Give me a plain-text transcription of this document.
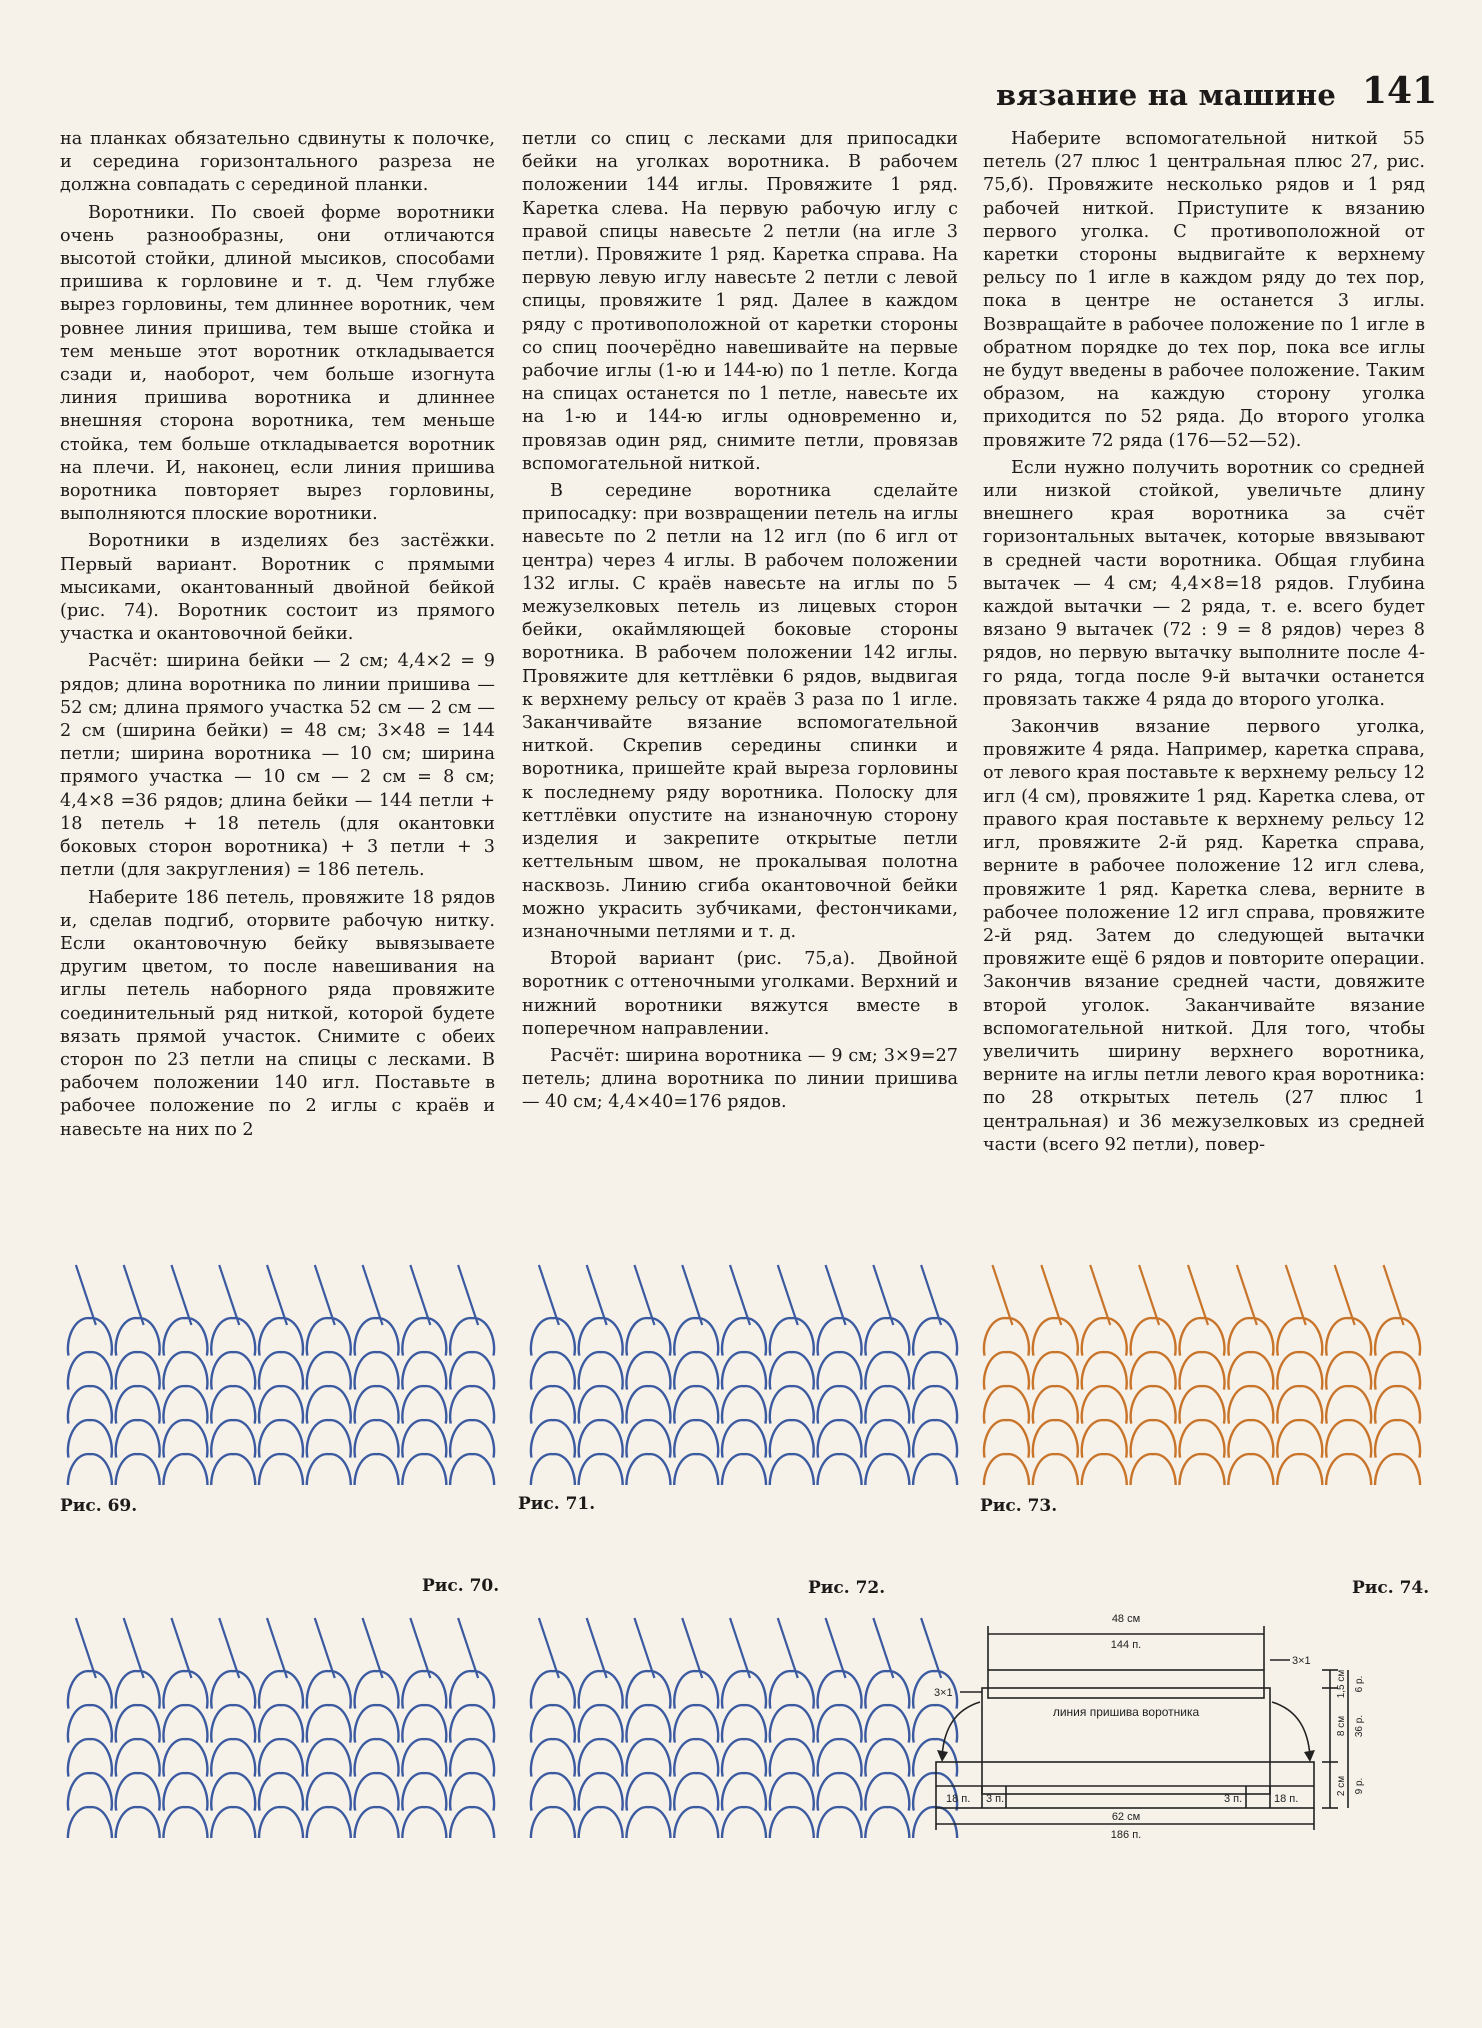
вязание на машине 141

на планках обязательно сдвинуты к полочке, и середина горизонтального разреза не должна совпадать с серединой планки.

Воротники. По своей форме воротники очень разнообразны, они отличаются высотой стойки, длиной мысиков, способами пришива к горловине и т. д. Чем глубже вырез горловины, тем длиннее воротник, чем ровнее линия пришива, тем выше стойка и тем меньше этот воротник откладывается сзади и, наоборот, чем больше изогнута линия пришива воротника и длиннее внешняя сторона воротника, тем меньше стойка, тем больше откладывается воротник на плечи. И, наконец, если линия пришива воротника повторяет вырез горловины, выполняются плоские воротники.

Воротники в изделиях без застёжки. Первый вариант. Воротник с прямыми мысиками, окантованный двойной бейкой (рис. 74). Воротник состоит из прямого участка и окантовочной бейки.

Расчёт: ширина бейки — 2 см; 4,4×2 = 9 рядов; длина воротника по линии пришива — 52 см; длина прямого участка 52 см — 2 см — 2 см (ширина бейки) = 48 см; 3×48 = 144 петли; ширина воротника — 10 см; ширина прямого участка — 10 см — 2 см = 8 см; 4,4×8 =36 рядов; длина бейки — 144 петли + 18 петель + 18 петель (для окантовки боковых сторон воротника) + 3 петли + 3 петли (для закругления) = 186 петель.

Наберите 186 петель, провяжите 18 рядов и, сделав подгиб, оторвите рабочую нитку. Если окантовочную бейку вывязываете другим цветом, то после навешивания на иглы петель наборного ряда провяжите соединительный ряд ниткой, которой будете вязать прямой участок. Снимите с обеих сторон по 23 петли на спицы с лесками. В рабочем положении 140 игл. Поставьте в рабочее положение по 2 иглы с краёв и навесьте на них по 2

петли со спиц с лесками для припосадки бейки на уголках воротника. В рабочем положении 144 иглы. Провяжите 1 ряд. Каретка слева. На первую рабочую иглу с правой спицы навесьте 2 петли (на игле 3 петли). Провяжите 1 ряд. Каретка справа. На первую левую иглу навесьте 2 петли с левой спицы, провяжите 1 ряд. Далее в каждом ряду с противоположной от каретки стороны со спиц поочерёдно навешивайте на первые рабочие иглы (1-ю и 144-ю) по 1 петле. Когда на спицах останется по 1 петле, навесьте их на 1-ю и 144-ю иглы одновременно и, провязав один ряд, снимите петли, провязав вспомогательной ниткой.

В середине воротника сделайте припосадку: при возвращении петель на иглы навесьте по 2 петли на 12 игл (по 6 игл от центра) через 4 иглы. В рабочем положении 132 иглы. С краёв навесьте на иглы по 5 межузелковых петель из лицевых сторон бейки, окаймляющей боковые стороны воротника. В рабочем положении 142 иглы. Провяжите для кеттлёвки 6 рядов, выдвигая к верхнему рельсу от краёв 3 раза по 1 игле. Заканчивайте вязание вспомогательной ниткой. Скрепив середины спинки и воротника, пришейте край выреза горловины к последнему ряду воротника. Полоску для кеттлёвки опустите на изнаночную сторону изделия и закрепите открытые петли кеттельным швом, не прокалывая полотна насквозь. Линию сгиба окантовочной бейки можно украсить зубчиками, фестончиками, изнаночными петлями и т. д.

Второй вариант (рис. 75,а). Двойной воротник с оттеночными уголками. Верхний и нижний воротники вяжутся вместе в поперечном направлении.

Расчёт: ширина воротника — 9 см; 3×9=27 петель; длина воротника по линии пришива — 40 см; 4,4×40=176 рядов.

Наберите вспомогательной ниткой 55 петель (27 плюс 1 центральная плюс 27, рис. 75,б). Провяжите несколько рядов и 1 ряд рабочей ниткой. Приступите к вязанию первого уголка. С противоположной от каретки стороны выдвигайте к верхнему рельсу по 1 игле в каждом ряду до тех пор, пока в центре не останется 3 иглы. Возвращайте в рабочее положение по 1 игле в обратном порядке до тех пор, пока все иглы не будут введены в рабочее положение. Таким образом, на каждую сторону уголка приходится по 52 ряда. До второго уголка провяжите 72 ряда (176—52—52).

Если нужно получить воротник со средней или низкой стойкой, увеличьте длину внешнего края воротника за счёт горизонтальных вытачек, которые ввязывают в средней части воротника. Общая глубина вытачек — 4 см; 4,4×8=18 рядов. Глубина каждой вытачки — 2 ряда, т. е. всего будет вязано 9 вытачек (72 : 9 = 8 рядов) через 8 рядов, но первую вытачку выполните после 4-го ряда, тогда после 9-й вытачки останется провязать также 4 ряда до второго уголка.

Закончив вязание первого уголка, провяжите 4 ряда. Например, каретка справа, от левого края поставьте к верхнему рельсу 12 игл (4 см), провяжите 1 ряд. Каретка слева, от правого края поставьте к верхнему рельсу 12 игл, провяжите 2-й ряд. Каретка справа, верните в рабочее положение 12 игл слева, провяжите 1 ряд. Каретка слева, верните в рабочее положение 12 игл справа, провяжите 2-й ряд. Затем до следующей вытачки провяжите ещё 6 рядов и повторите операции. Закончив вязание средней части, довяжите второй уголок. Заканчивайте вязание вспомогательной ниткой. Для того, чтобы увеличить ширину верхнего воротника, верните на иглы петли левого края воротника: по 28 открытых петель (27 плюс 1 центральная) и 36 межузелковых из средней части (всего 92 петли), повер-

Рис. 69.	Рис. 71.	Рис. 73.
Рис. 70.	Рис. 72.	Рис. 74.
48 см
144 п.
линия пришива воротника
3×1
3×1
18 п. 3 п.	3 п.	18 п.
62 см
186 п.
1,5 см 6 р.
8 см 36 р.
2 см 9 р.
